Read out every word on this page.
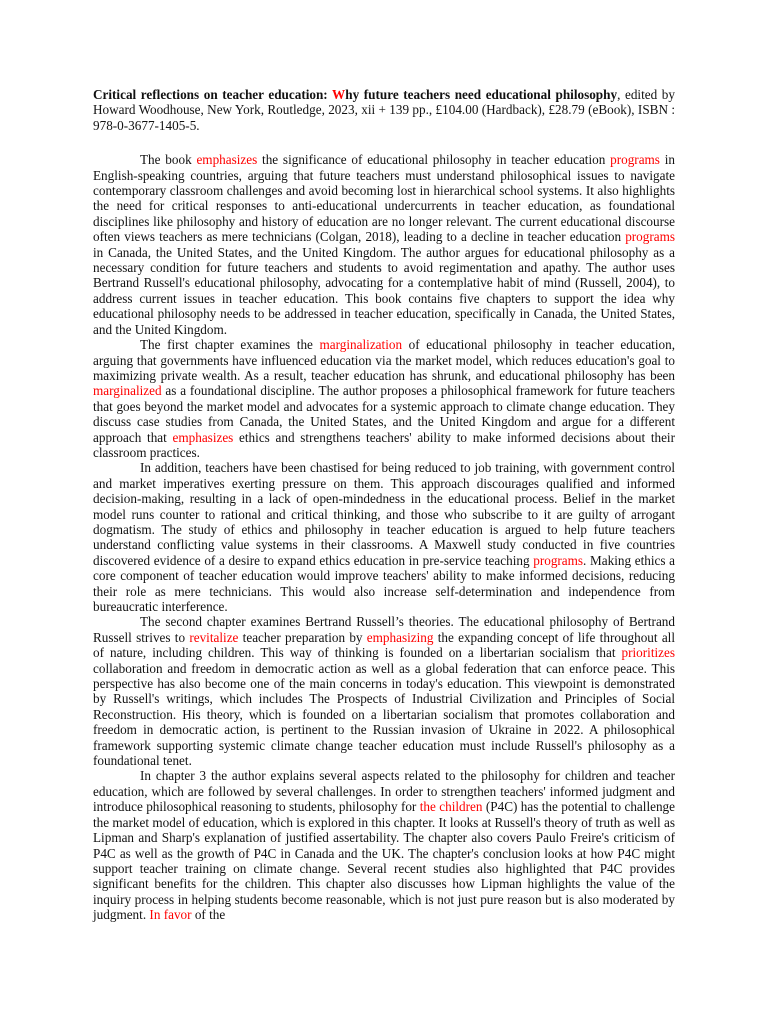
Critical reflections on teacher education: Why future teachers need educational philosophy, edited by Howard Woodhouse, New York, Routledge, 2023, xii + 139 pp., £104.00 (Hardback), £28.79 (eBook), ISBN : 978-0-3677-1405-5.

The book emphasizes the significance of educational philosophy in teacher education programs in English-speaking countries, arguing that future teachers must understand philosophical issues to navigate contemporary classroom challenges and avoid becoming lost in hierarchical school systems. It also highlights the need for critical responses to anti-educational undercurrents in teacher education, as foundational disciplines like philosophy and history of education are no longer relevant. The current educational discourse often views teachers as mere technicians (Colgan, 2018), leading to a decline in teacher education programs in Canada, the United States, and the United Kingdom. The author argues for educational philosophy as a necessary condition for future teachers and students to avoid regimentation and apathy. The author uses Bertrand Russell's educational philosophy, advocating for a contemplative habit of mind (Russell, 2004), to address current issues in teacher education. This book contains five chapters to support the idea why educational philosophy needs to be addressed in teacher education, specifically in Canada, the United States, and the United Kingdom.

The first chapter examines the marginalization of educational philosophy in teacher education, arguing that governments have influenced education via the market model, which reduces education's goal to maximizing private wealth. As a result, teacher education has shrunk, and educational philosophy has been marginalized as a foundational discipline. The author proposes a philosophical framework for future teachers that goes beyond the market model and advocates for a systemic approach to climate change education. They discuss case studies from Canada, the United States, and the United Kingdom and argue for a different approach that emphasizes ethics and strengthens teachers' ability to make informed decisions about their classroom practices.

In addition, teachers have been chastised for being reduced to job training, with government control and market imperatives exerting pressure on them. This approach discourages qualified and informed decision-making, resulting in a lack of open-mindedness in the educational process. Belief in the market model runs counter to rational and critical thinking, and those who subscribe to it are guilty of arrogant dogmatism. The study of ethics and philosophy in teacher education is argued to help future teachers understand conflicting value systems in their classrooms. A Maxwell study conducted in five countries discovered evidence of a desire to expand ethics education in pre-service teaching programs. Making ethics a core component of teacher education would improve teachers' ability to make informed decisions, reducing their role as mere technicians. This would also increase self-determination and independence from bureaucratic interference.

The second chapter examines Bertrand Russell’s theories. The educational philosophy of Bertrand Russell strives to revitalize teacher preparation by emphasizing the expanding concept of life throughout all of nature, including children. This way of thinking is founded on a libertarian socialism that prioritizes collaboration and freedom in democratic action as well as a global federation that can enforce peace. This perspective has also become one of the main concerns in today's education. This viewpoint is demonstrated by Russell's writings, which includes The Prospects of Industrial Civilization and Principles of Social Reconstruction. His theory, which is founded on a libertarian socialism that promotes collaboration and freedom in democratic action, is pertinent to the Russian invasion of Ukraine in 2022. A philosophical framework supporting systemic climate change teacher education must include Russell's philosophy as a foundational tenet.

In chapter 3 the author explains several aspects related to the philosophy for children and teacher education, which are followed by several challenges. In order to strengthen teachers' informed judgment and introduce philosophical reasoning to students, philosophy for the children (P4C) has the potential to challenge the market model of education, which is explored in this chapter. It looks at Russell's theory of truth as well as Lipman and Sharp's explanation of justified assertability. The chapter also covers Paulo Freire's criticism of P4C as well as the growth of P4C in Canada and the UK. The chapter's conclusion looks at how P4C might support teacher training on climate change. Several recent studies also highlighted that P4C provides significant benefits for the children. This chapter also discusses how Lipman highlights the value of the inquiry process in helping students become reasonable, which is not just pure reason but is also moderated by judgment. In favor of the
